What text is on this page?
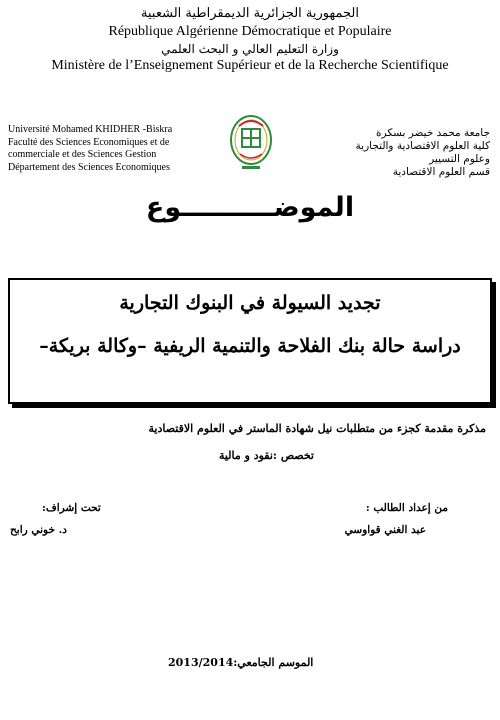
الجمهورية الجزائرية الديمقراطية الشعبية
République Algérienne Démocratique et Populaire
وزارة التعليم العالي و البحث العلمي
Ministère de l’Enseignement Supérieur et de la Recherche Scientifique
Université Mohamed KHIDHER -Biskra
Faculté des Sciences Economiques et de
commerciale et des Sciences Gestion
Département des Sciences Economiques
جامعة محمد خيضر بسكرة
كلية العلوم الاقتصادية والتجارية
وعلوم التسيير
قسم العلوم الاقتصادية
الموضــــــــــوع
تجديد السيولة في البنوك التجارية
دراسة حالة بنك الفلاحة والتنمية الريفية –وكالة بريكة–
مذكرة مقدمة كجزء من متطلبات نيل شهادة الماستر في العلوم الاقتصادية
تخصص :نقود و مالية
من إعداد الطالب :
عبد الغني قواوسي
تحت إشراف:
د. خوني رابح
الموسم الجامعي:2013/2014
